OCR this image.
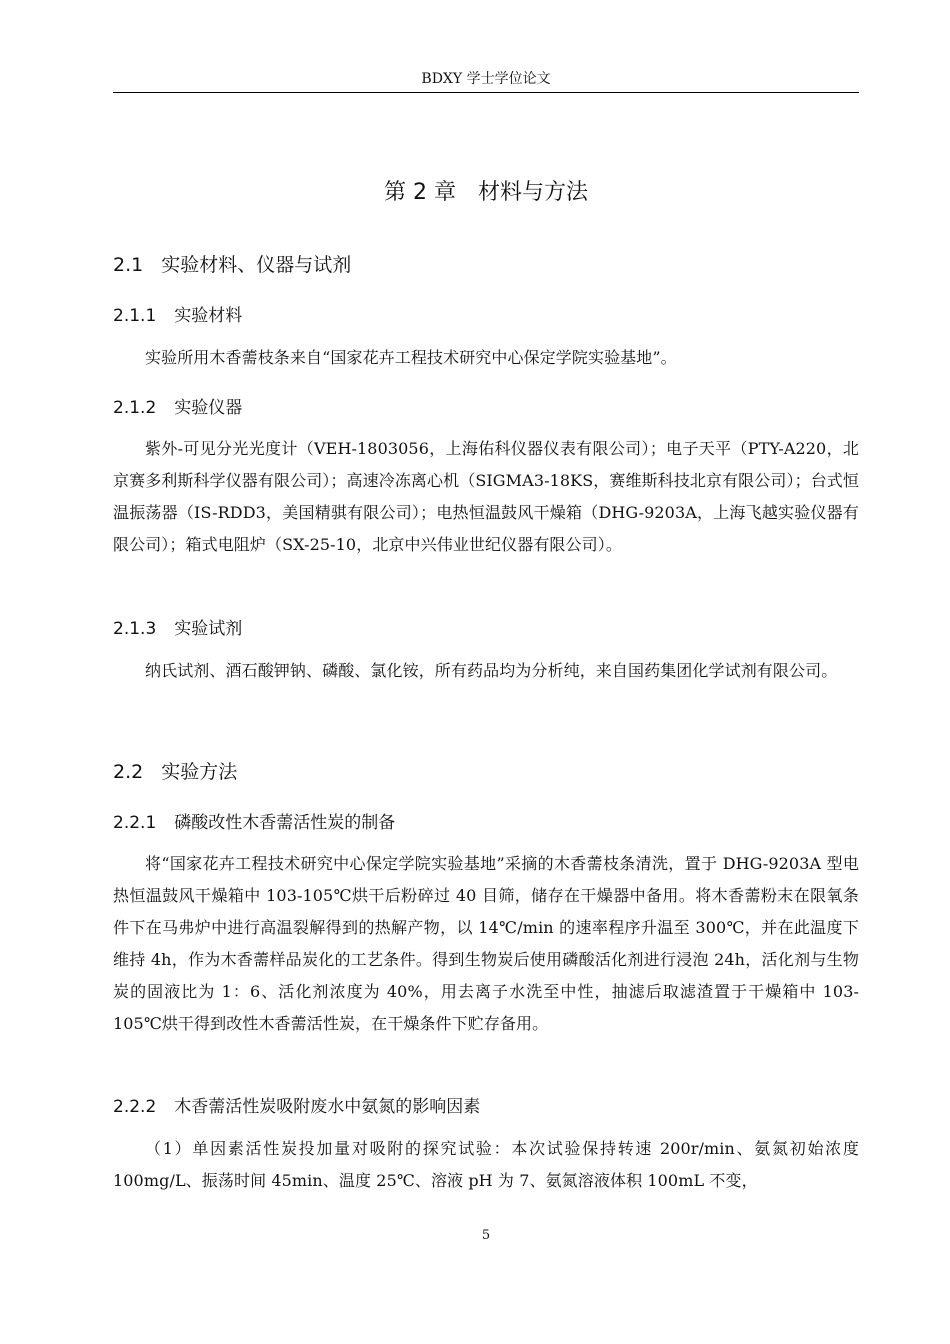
BDXY 学士学位论文
第 2 章　材料与方法
2.1 实验材料、仪器与试剂
2.1.1 实验材料

实验所用木香薷枝条来自“国家花卉工程技术研究中心保定学院实验基地”。

2.1.2 实验仪器

紫外-可见分光光度计（VEH-1803056，上海佑科仪器仪表有限公司）；电子天平（PTY-A220，北京赛多利斯科学仪器有限公司）；高速冷冻离心机（SIGMA3-18KS，赛维斯科技北京有限公司）；台式恒温振荡器（IS-RDD3，美国精骐有限公司）；电热恒温鼓风干燥箱（DHG-9203A，上海飞越实验仪器有限公司）；箱式电阻炉（SX-25-10，北京中兴伟业世纪仪器有限公司）。

2.1.3 实验试剂

纳氏试剂、酒石酸钾钠、磷酸、氯化铵，所有药品均为分析纯，来自国药集团化学试剂有限公司。

2.2 实验方法
2.2.1 磷酸改性木香薷活性炭的制备

将“国家花卉工程技术研究中心保定学院实验基地”采摘的木香薷枝条清洗，置于 DHG-9203A 型电热恒温鼓风干燥箱中 103-105℃烘干后粉碎过 40 目筛，储存在干燥器中备用。将木香薷粉末在限氧条件下在马弗炉中进行高温裂解得到的热解产物，以 14℃/min 的速率程序升温至 300℃，并在此温度下维持 4h，作为木香薷样品炭化的工艺条件。得到生物炭后使用磷酸活化剂进行浸泡 24h，活化剂与生物炭的固液比为 1：6、活化剂浓度为 40%，用去离子水洗至中性，抽滤后取滤渣置于干燥箱中 103-105℃烘干得到改性木香薷活性炭，在干燥条件下贮存备用。

2.2.2 木香薷活性炭吸附废水中氨氮的影响因素

（1）单因素活性炭投加量对吸附的探究试验：本次试验保持转速 200r/min、氨氮初始浓度 100mg/L、振荡时间 45min、温度 25℃、溶液 pH 为 7、氨氮溶液体积 100mL 不变，

5
